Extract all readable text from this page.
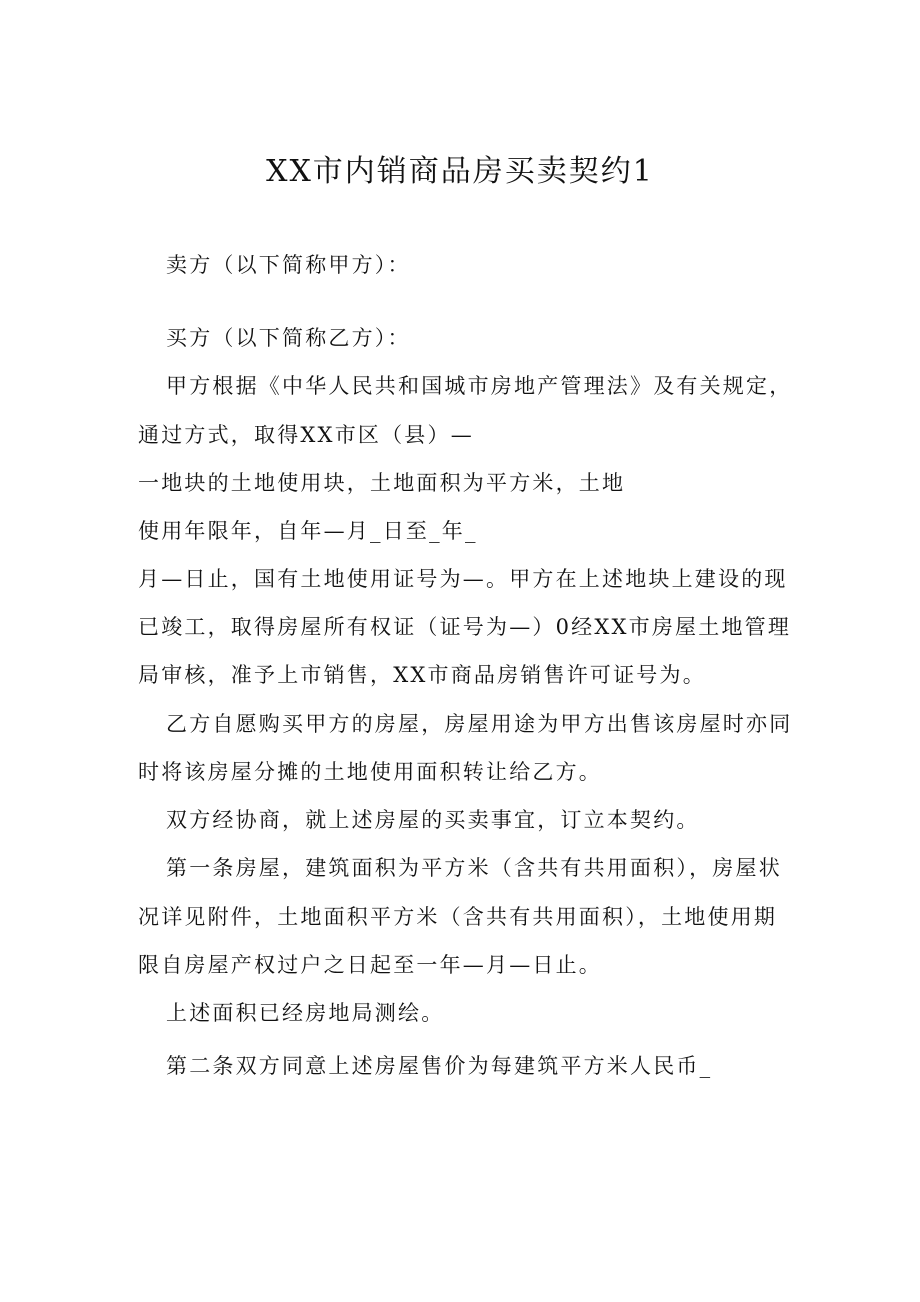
XX市内销商品房买卖契约1
卖方（以下简称甲方）：
买方（以下简称乙方）：
甲方根据《中华人民共和国城市房地产管理法》及有关规定，
通过方式，取得XX市区（县）—
一地块的土地使用块，土地面积为平方米，土地
使用年限年，自年—月_日至_年_
月—日止，国有土地使用证号为—。甲方在上述地块上建设的现
已竣工，取得房屋所有权证（证号为—）0经XX市房屋土地管理
局审核，准予上市销售，XX市商品房销售许可证号为。
乙方自愿购买甲方的房屋，房屋用途为甲方出售该房屋时亦同
时将该房屋分摊的土地使用面积转让给乙方。
双方经协商，就上述房屋的买卖事宜，订立本契约。
第一条房屋，建筑面积为平方米（含共有共用面积），房屋状
况详见附件，土地面积平方米（含共有共用面积），土地使用期
限自房屋产权过户之日起至一年—月—日止。
上述面积已经房地局测绘。
第二条双方同意上述房屋售价为每建筑平方米人民币_
